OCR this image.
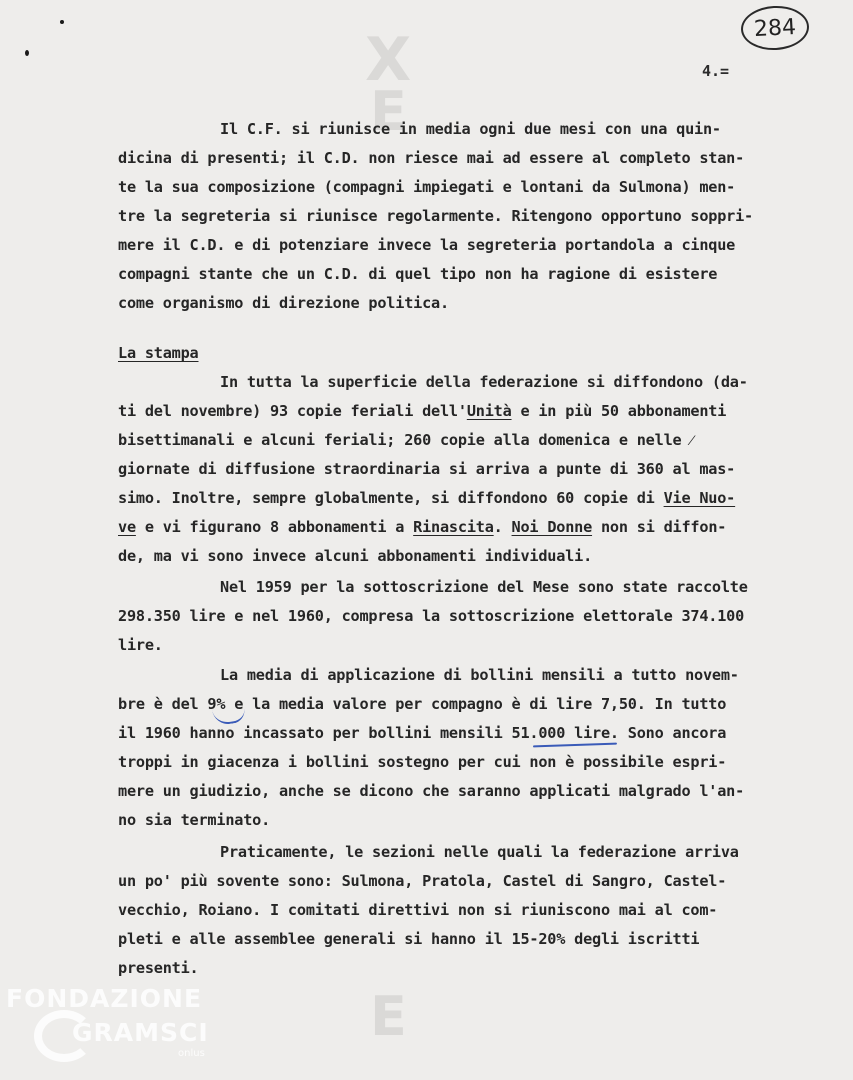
X
E
E
284
4.=
Il C.F. si riunisce in media ogni due mesi con una quin-
dicina di presenti; il C.D. non riesce mai ad essere al completo stan-
te la sua composizione (compagni impiegati e lontani da Sulmona) men-
tre la segreteria si riunisce regolarmente. Ritengono opportuno soppri-
mere il C.D. e di potenziare invece la segreteria portandola a cinque
compagni stante che un C.D. di quel tipo non ha ragione di esistere
come organismo di direzione politica.
La stampa
In tutta la superficie della federazione si diffondono (da-
ti del novembre) 93 copie feriali dell'Unità e in più 50 abbonamenti
bisettimanali e alcuni feriali; 260 copie alla domenica e nelle ⁄
giornate di diffusione straordinaria si arriva a punte di 360 al mas-
simo. Inoltre, sempre globalmente, si diffondono 60 copie di Vie Nuo-
ve e vi figurano 8 abbonamenti a Rinascita. Noi Donne non si diffon-
de, ma vi sono invece alcuni abbonamenti individuali.
Nel 1959 per la sottoscrizione del Mese sono state raccolte
298.350 lire e nel 1960, compresa la sottoscrizione elettorale 374.100
lire.
La media di applicazione di bollini mensili a tutto novem-
bre è del 9% e la media valore per compagno è di lire 7,50. In tutto
il 1960 hanno incassato per bollini mensili 51.000 lire. Sono ancora
troppi in giacenza i bollini sostegno per cui non è possibile espri-
mere un giudizio, anche se dicono che saranno applicati malgrado l'an-
no sia terminato.
Praticamente, le sezioni nelle quali la federazione arriva
un po' più sovente sono: Sulmona, Pratola, Castel di Sangro, Castel-
vecchio, Roiano. I comitati direttivi non si riuniscono mai al com-
pleti e alle assemblee generali si hanno il 15-20% degli iscritti
presenti.
FONDAZIONE
GRAMSCI
onlus
